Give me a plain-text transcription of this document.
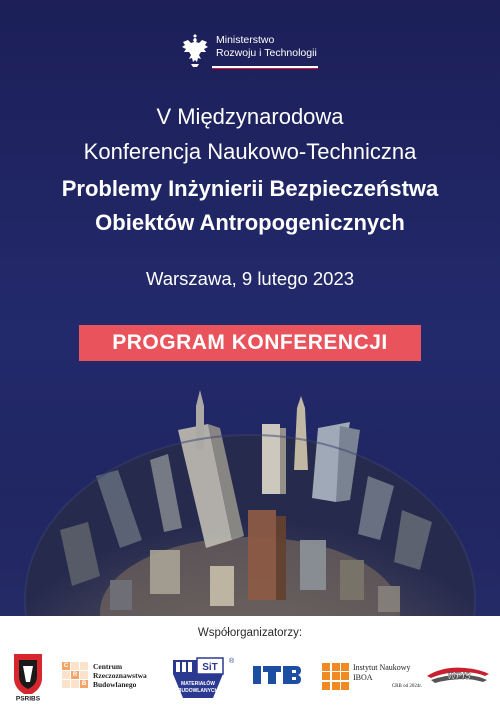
Ministerstwo
Rozwoju i Technologii
V Międzynarodowa
Konferencja Naukowo-Techniczna
Problemy Inżynierii Bezpieczeństwa
Obiektów Antropogenicznych
Warszawa, 9 lutego 2023
PROGRAM KONFERENCJI
Współorganizatorzy:
PSRIBS
C
R
B
Centrum
Rzeczoznawstwa
Budowlanego
SiT
®
MATERIAŁÓW
BUDOWLANYCH
Instytut Naukowy IBOA
CRB od 2024r.
WPIS
